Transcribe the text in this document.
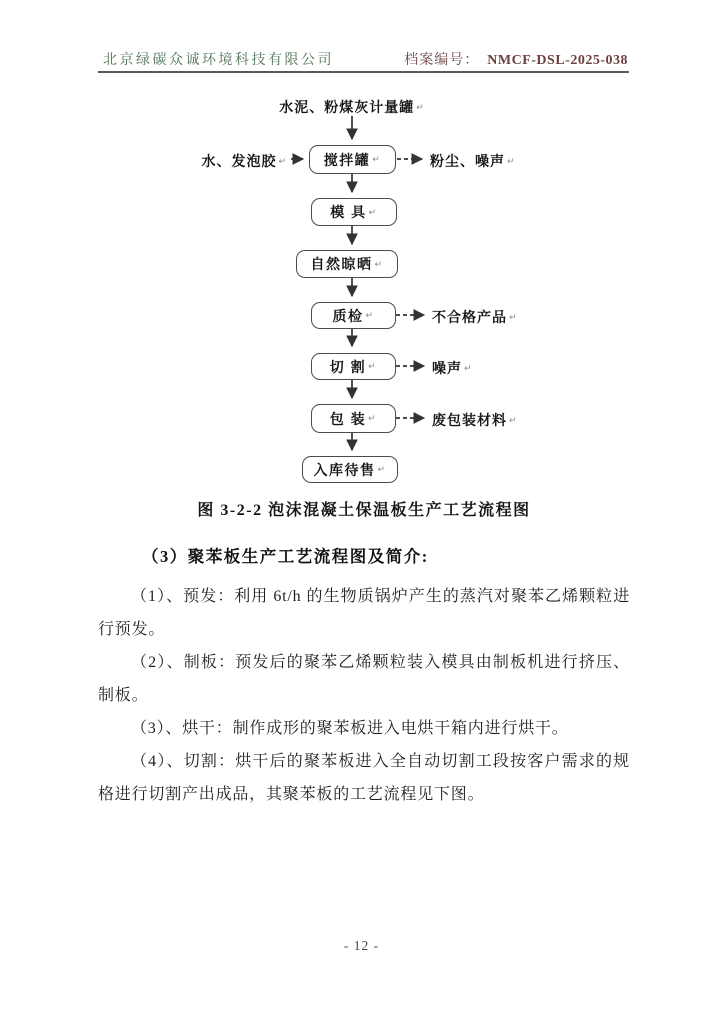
北京绿碳众诚环境科技有限公司	档案编号： NMCF-DSL-2025-038
水泥、粉煤灰计量罐 ↵
水、发泡胶 ↵	搅拌罐 ↵	粉尘、噪声 ↵
模 具 ↵
自然晾晒 ↵
质检 ↵	不合格产品 ↵
切 割 ↵	噪声 ↵
包 装 ↵	废包装材料 ↵
入库待售 ↵
图 3-2-2 泡沫混凝土保温板生产工艺流程图
（3）聚苯板生产工艺流程图及简介:

（1）、预发：利用 6t/h 的生物质锅炉产生的蒸汽对聚苯乙烯颗粒进行预发。

（2）、制板：预发后的聚苯乙烯颗粒装入模具由制板机进行挤压、制板。

（3）、烘干：制作成形的聚苯板进入电烘干箱内进行烘干。

（4）、切割：烘干后的聚苯板进入全自动切割工段按客户需求的规格进行切割产出成品，其聚苯板的工艺流程见下图。

- 12 -
